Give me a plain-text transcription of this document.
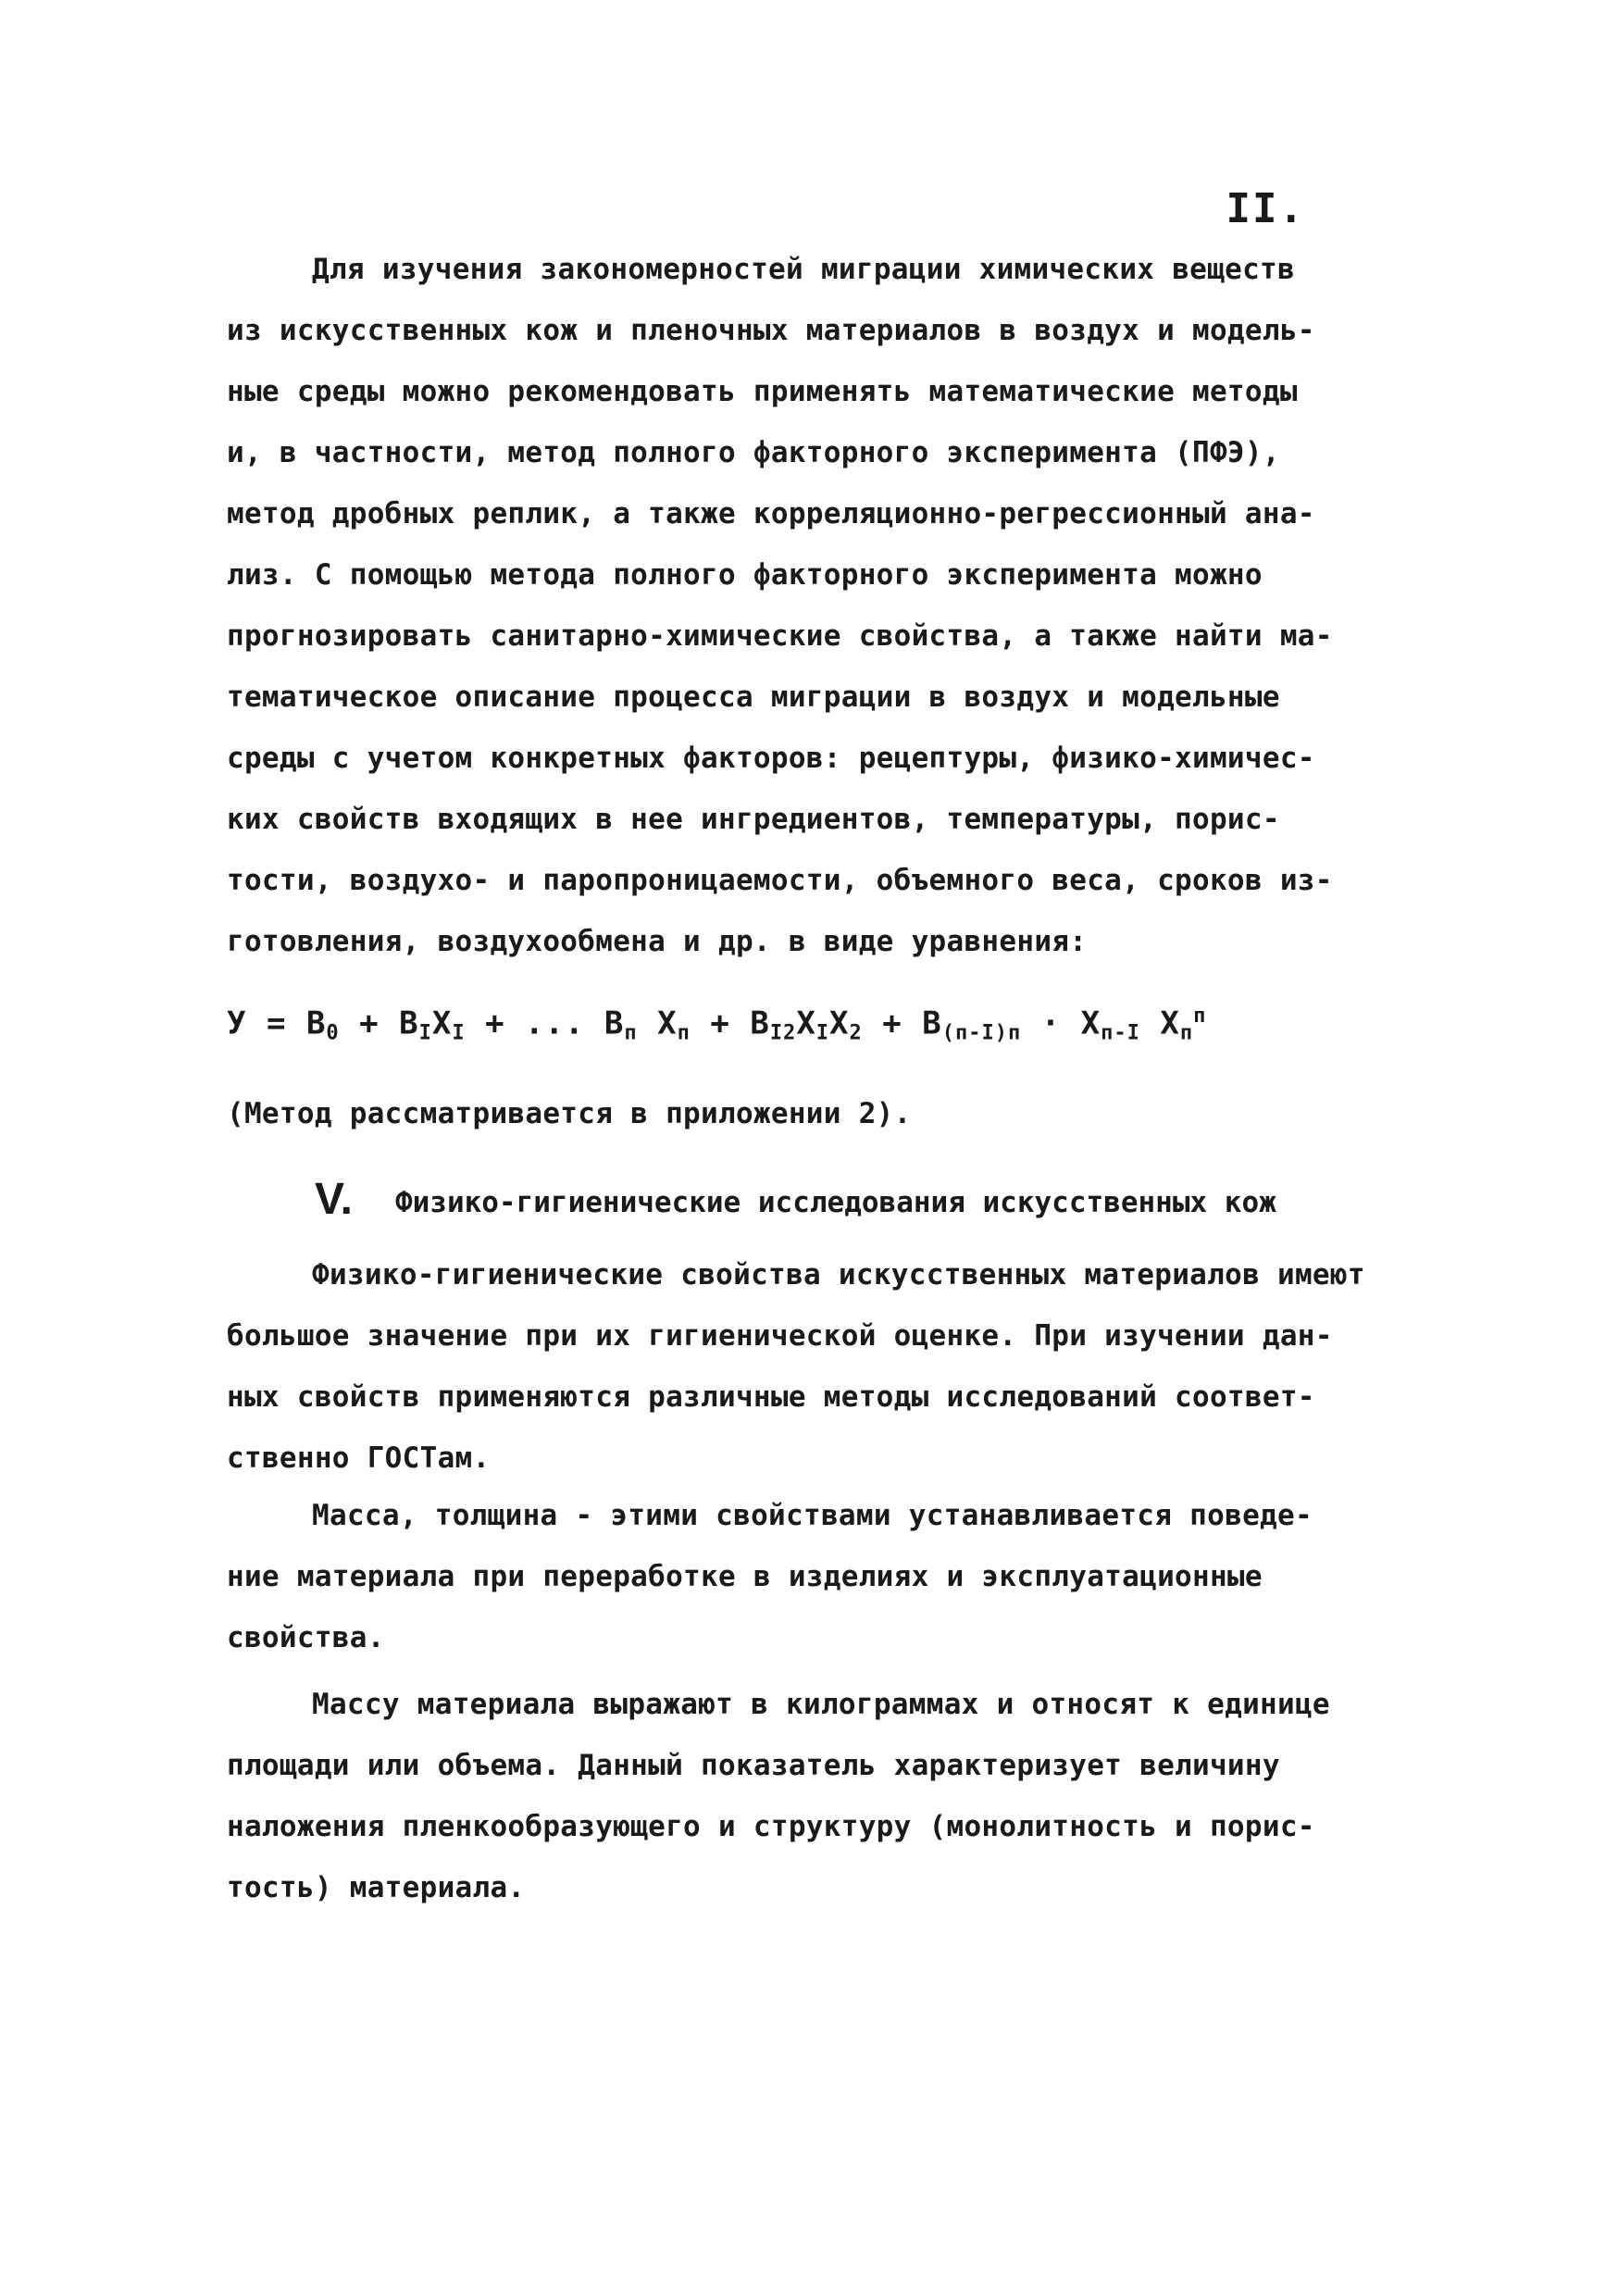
II.
Для изучения закономерностей миграции химических веществ
из искусственных кож и пленочных материалов в воздух и модель-
ные среды можно рекомендовать применять математические методы
и, в частности, метод полного факторного эксперимента (ПФЭ),
метод дробных реплик, а также корреляционно-регрессионный ана-
лиз. С помощью метода полного факторного эксперимента можно
прогнозировать санитарно-химические свойства, а также найти ма-
тематическое описание процесса миграции в воздух и модельные
среды с учетом конкретных факторов: рецептуры, физико-химичес-
ких свойств входящих в нее ингредиентов, температуры, порис-
тости, воздухо- и паропроницаемости, объемного веса, сроков из-
готовления, воздухообмена и др. в виде уравнения:
$У = В_0 + В_IХ_I$ + ... $В_п$ $Х_п + В_{I2}Х_IХ_2 + В_{(п-I)п} \cdot Х_{п-I}$ $Х_п^п$
(Метод рассматривается в приложении 2).
V. Физико-гигиенические исследования искусственных кож
Физико-гигиенические свойства искусственных материалов имеют
большое значение при их гигиенической оценке. При изучении дан-
ных свойств применяются различные методы исследований соответ-
ственно ГОСТам.
Масса, толщина - этими свойствами устанавливается поведе-
ние материала при переработке в изделиях и эксплуатационные
свойства.
Массу материала выражают в килограммах и относят к единице
площади или объема. Данный показатель характеризует величину
наложения пленкообразующего и структуру (монолитность и порис-
тость) материала.
